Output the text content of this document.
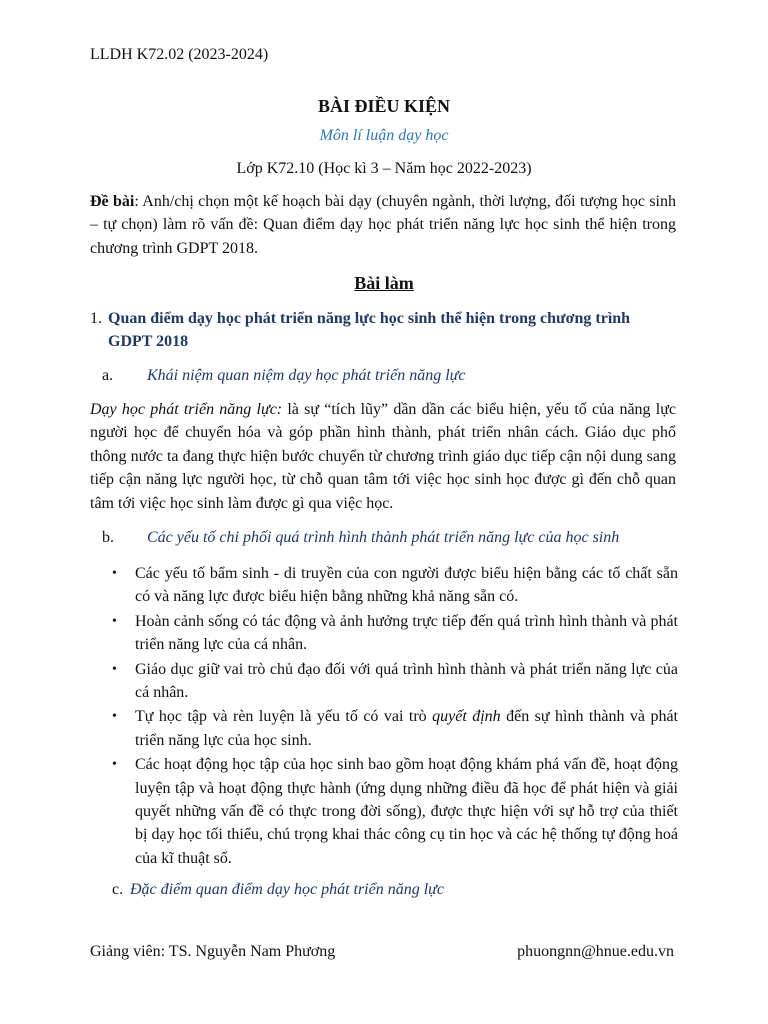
LLDH K72.02 (2023-2024)
BÀI ĐIỀU KIỆN
Môn lí luận dạy học
Lớp K72.10 (Học kì 3 – Năm học 2022-2023)

Đề bài: Anh/chị chọn một kế hoạch bài dạy (chuyên ngành, thời lượng, đối tượng học sinh – tự chọn) làm rõ vấn đề: Quan điểm dạy học phát triển năng lực học sinh thể hiện trong chương trình GDPT 2018.

Bài làm
1. Quan điểm dạy học phát triển năng lực học sinh thể hiện trong chương trình GDPT 2018
a. Khái niệm quan niệm dạy học phát triển năng lực

Dạy học phát triển năng lực: là sự “tích lũy” dần dần các biểu hiện, yếu tố của năng lực người học để chuyển hóa và góp phần hình thành, phát triển nhân cách. Giáo dục phổ thông nước ta đang thực hiện bước chuyển từ chương trình giáo dục tiếp cận nội dung sang tiếp cận năng lực người học, từ chỗ quan tâm tới việc học sinh học được gì đến chỗ quan tâm tới việc học sinh làm được gì qua việc học.

b. Các yếu tố chi phối quá trình hình thành phát triển năng lực của học sinh
• Các yếu tố bẩm sinh - di truyền của con người được biểu hiện bằng các tố chất sẵn có và năng lực được biểu hiện bằng những khả năng sẵn có.
• Hoàn cảnh sống có tác động và ảnh hưởng trực tiếp đến quá trình hình thành và phát triển năng lực của cá nhân.
• Giáo dục giữ vai trò chủ đạo đối với quá trình hình thành và phát triển năng lực của cá nhân.
• Tự học tập và rèn luyện là yếu tố có vai trò quyết định đến sự hình thành và phát triển năng lực của học sinh.
• Các hoạt động học tập của học sinh bao gồm hoạt động khám phá vấn đề, hoạt động luyện tập và hoạt động thực hành (ứng dụng những điều đã học để phát hiện và giải quyết những vấn đề có thực trong đời sống), được thực hiện với sự hỗ trợ của thiết bị dạy học tối thiểu, chú trọng khai thác công cụ tin học và các hệ thống tự động hoá của kĩ thuật số.
c. Đặc điểm quan điểm dạy học phát triển năng lực
Giảng viên: TS. Nguyễn Nam Phương	phuongnn@hnue.edu.vn
